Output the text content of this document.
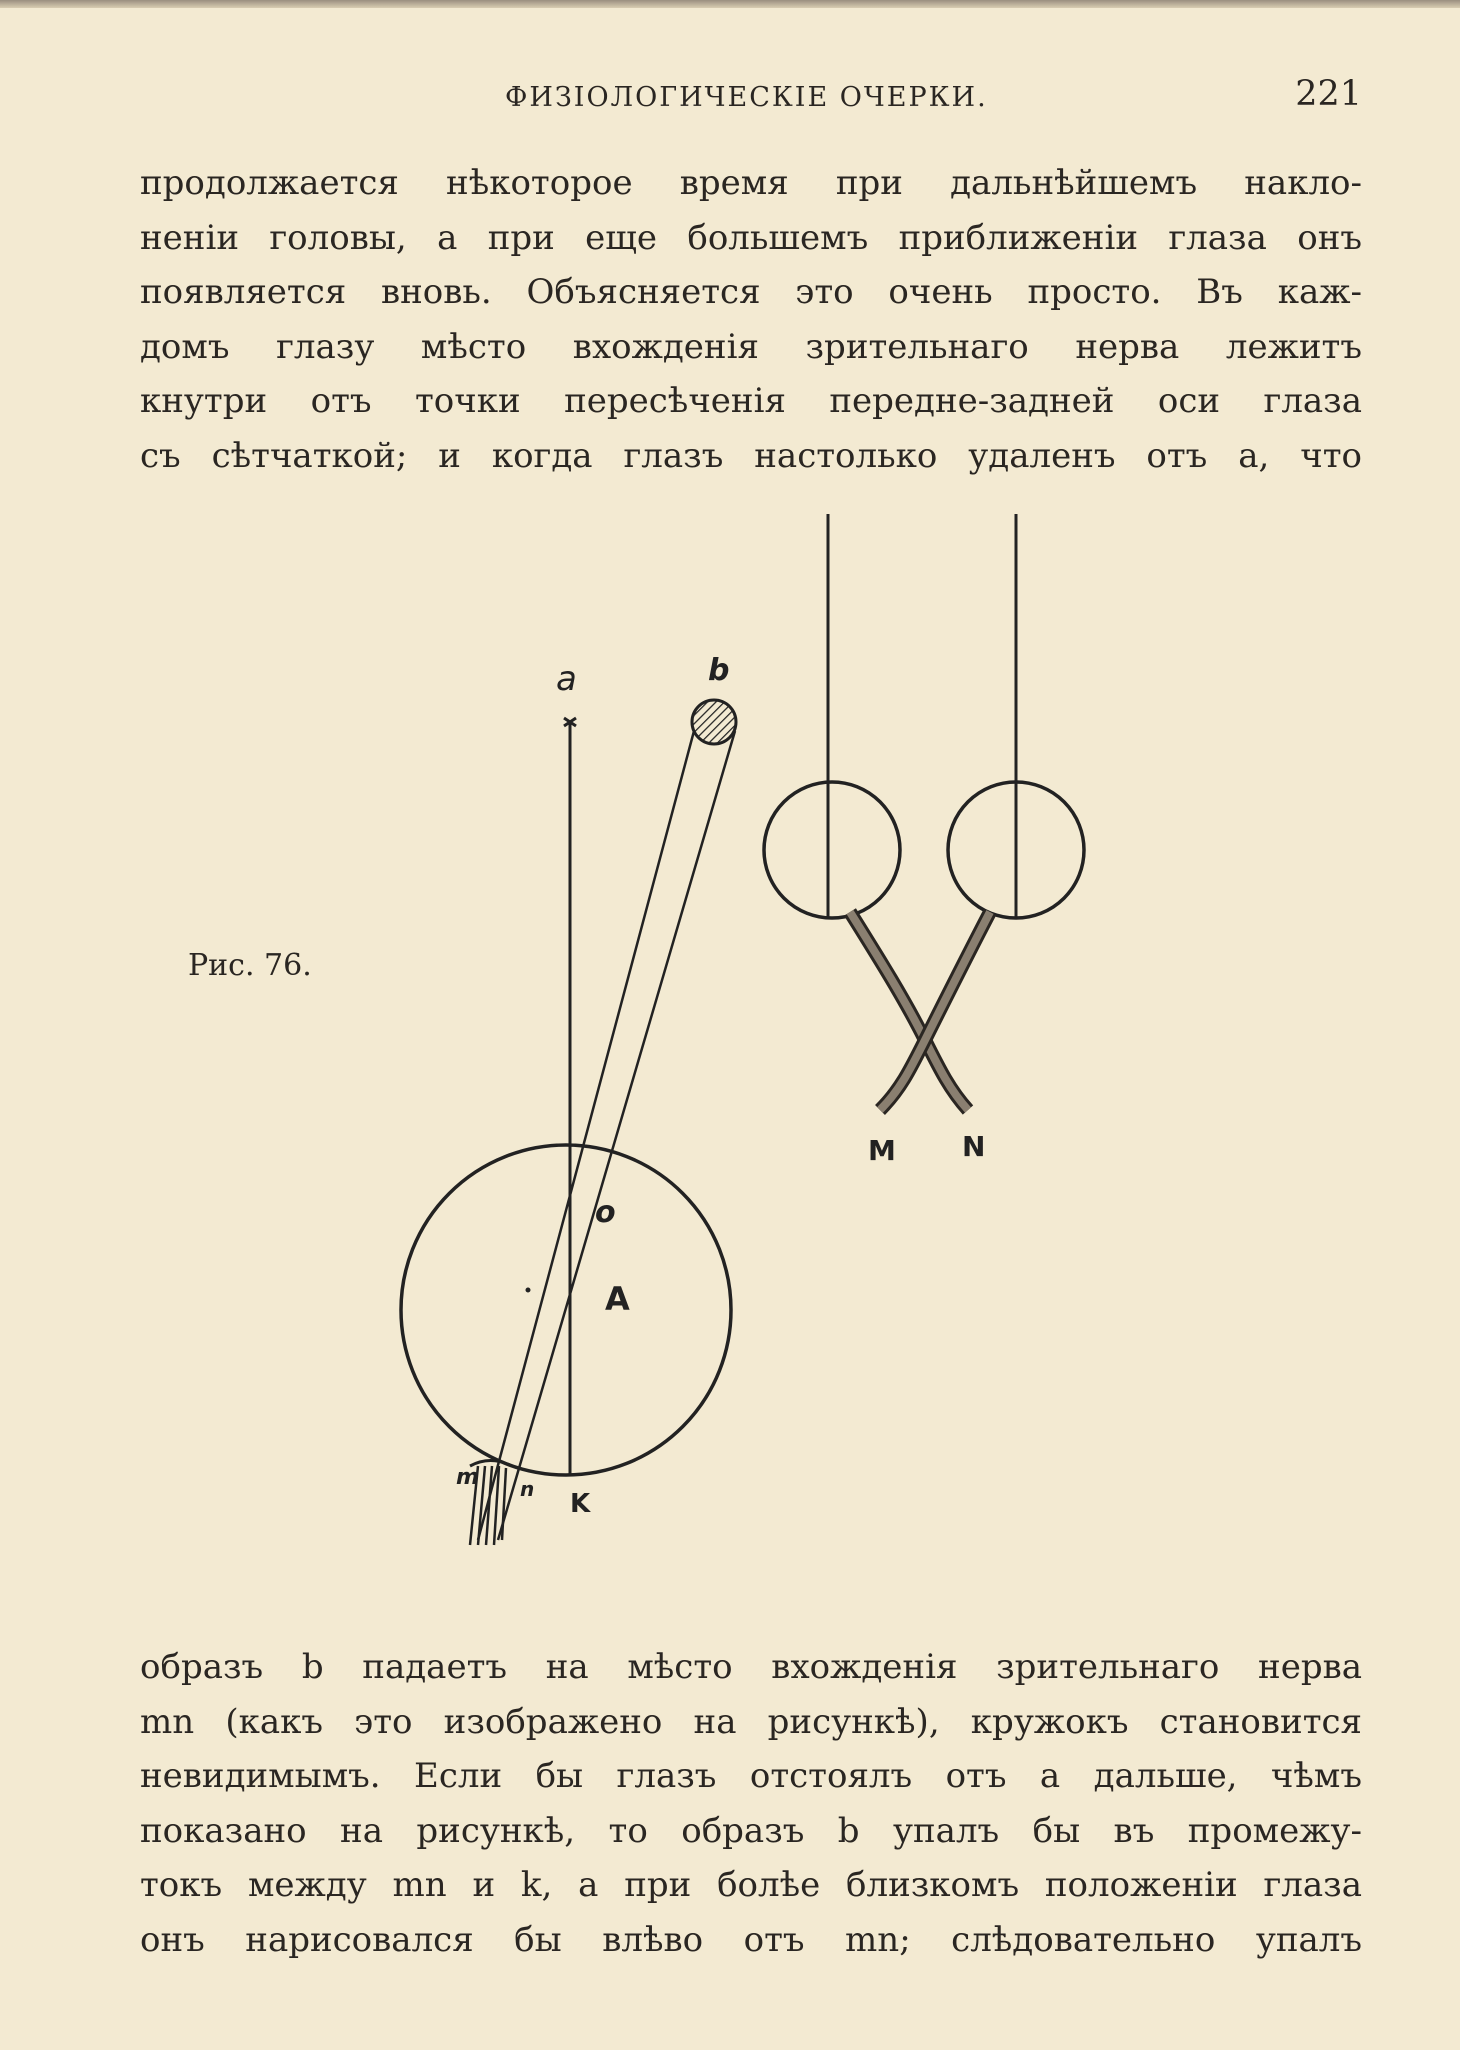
ФИЗІОЛОГИЧЕСКІЕ ОЧЕРКИ.	221
продолжается нѣкоторое время при дальнѣйшемъ накло-
неніи головы, а при еще большемъ приближеніи глаза онъ
появляется вновь. Объясняется это очень просто. Въ каж-
домъ глазу мѣсто вхожденія зрительнаго нерва лежитъ
кнутри отъ точки пересѣченія передне-задней оси глаза
съ сѣтчаткой; и когда глазъ настолько удаленъ отъ а, что
Рис. 76.
a	b
o
A
m n K
M N
образъ b падаетъ на мѣсто вхожденія зрительнаго нерва
mn (какъ это изображено на рисункѣ), кружокъ становится
невидимымъ. Если бы глазъ отстоялъ отъ а дальше, чѣмъ
показано на рисункѣ, то образъ b упалъ бы въ промежу-
токъ между mn и k, а при болѣе близкомъ положеніи глаза
онъ нарисовался бы влѣво отъ mn; слѣдовательно упалъ
